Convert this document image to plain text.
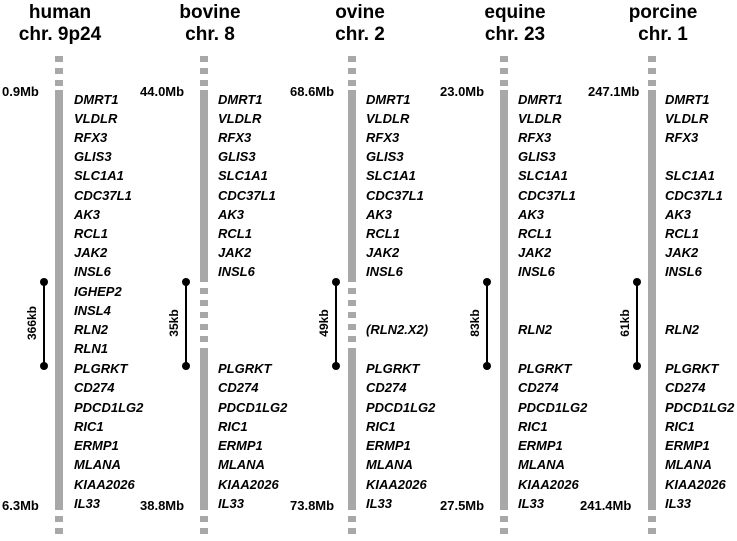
human
chr. 9p24
0.9Mb
6.3Mb
366kb
DMRT1
VLDLR
RFX3
GLIS3
SLC1A1
CDC37L1
AK3
RCL1
JAK2
INSL6
IGHEP2
INSL4
RLN2
RLN1
PLGRKT
CD274
PDCD1LG2
RIC1
ERMP1
MLANA
KIAA2026
IL33
bovine
chr. 8
44.0Mb
38.8Mb
35kb
DMRT1
VLDLR
RFX3
GLIS3
SLC1A1
CDC37L1
AK3
RCL1
JAK2
INSL6
PLGRKT
CD274
PDCD1LG2
RIC1
ERMP1
MLANA
KIAA2026
IL33
ovine
chr. 2
68.6Mb
73.8Mb
49kb
DMRT1
VLDLR
RFX3
GLIS3
SLC1A1
CDC37L1
AK3
RCL1
JAK2
INSL6
(RLN2.X2)
PLGRKT
CD274
PDCD1LG2
RIC1
ERMP1
MLANA
KIAA2026
IL33
equine
chr. 23
23.0Mb
27.5Mb
83kb
DMRT1
VLDLR
RFX3
GLIS3
SLC1A1
CDC37L1
AK3
RCL1
JAK2
INSL6
RLN2
PLGRKT
CD274
PDCD1LG2
RIC1
ERMP1
MLANA
KIAA2026
IL33
porcine
chr. 1
247.1Mb
241.4Mb
61kb
DMRT1
VLDLR
RFX3
SLC1A1
CDC37L1
AK3
RCL1
JAK2
INSL6
RLN2
PLGRKT
CD274
PDCD1LG2
RIC1
ERMP1
MLANA
KIAA2026
IL33
